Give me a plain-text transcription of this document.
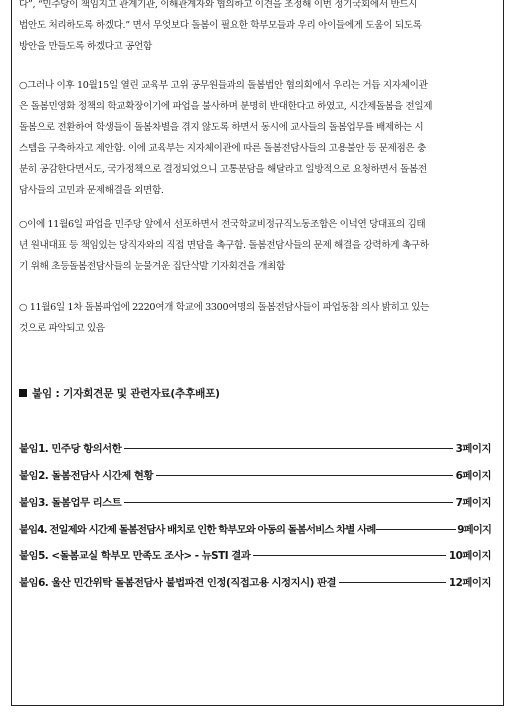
다”, “민주당이 책임지고 관계기관, 이해관계자와 협의하고 이견을 조정해 이번 정기국회에서 반드시
법안도 처리하도록 하겠다.” 면서 무엇보다 돌봄이 필요한 학부모들과 우리 아이들에게 도움이 되도록
방안을 만들도록 하겠다고 공언함
○그러나 이후 10월15일 열린 교육부 고위 공무원들과의 돌봄법안 협의회에서 우리는 거듭 지자체이관
은 돌봄민영화 정책의 학교확장이기에 파업을 불사하며 분명히 반대한다고 하였고, 시간제돌봄을 전일제
돌봄으로 전환하여 학생들이 돌봄차별을 겪지 않도록 하면서 동시에 교사들의 돌봄업무를 배제하는 시
스템을 구축하자고 제안함. 이에 교육부는 지자체이관에 따른 돌봄전담사들의 고용불안 등 문제점은 충
분히 공감한다면서도, 국가정책으로 결정되었으니 고통분담을 해달라고 일방적으로 요청하면서 돌봄전
담사들의 고민과 문제해결을 외면함.
○이에 11월6일 파업을 민주당 앞에서 선포하면서 전국학교비정규직노동조합은 이넉연 당대표의 김태
년 원내대표 등 책임있는 당직자와의 직접 면담을 촉구함. 돌봄전담사들의 문제 해결을 강력하게 촉구하
기 위해 초등돌봄전담사들의 눈물겨운 집단삭발 기자회견을 개최함
○ 11월6일 1차 돌봄파업에 2220여개 학교에 3300여명의 돌봄전담사들이 파업동참 의사 밝히고 있는
것으로 파악되고 있음
붙임 : 기자회견문 및 관련자료(추후배포)
붙임1. 민주당 항의서한	3페이지
붙임2. 돌봄전담사 시간제 현황	6페이지
붙임3. 돌봄업무 리스트	7페이지
붙임4. 전일제와 시간제 돌봄전담사 배치로 인한 학부모와 아동의 돌봄서비스 차별 사례	9페이지
붙임5. <돌봄교실 학부모 만족도 조사> - 뉴STI 결과	10페이지
붙임6. 울산 민간위탁 돌봄전담사 불법파견 인정(직접고용 시정지시) 판결	12페이지
